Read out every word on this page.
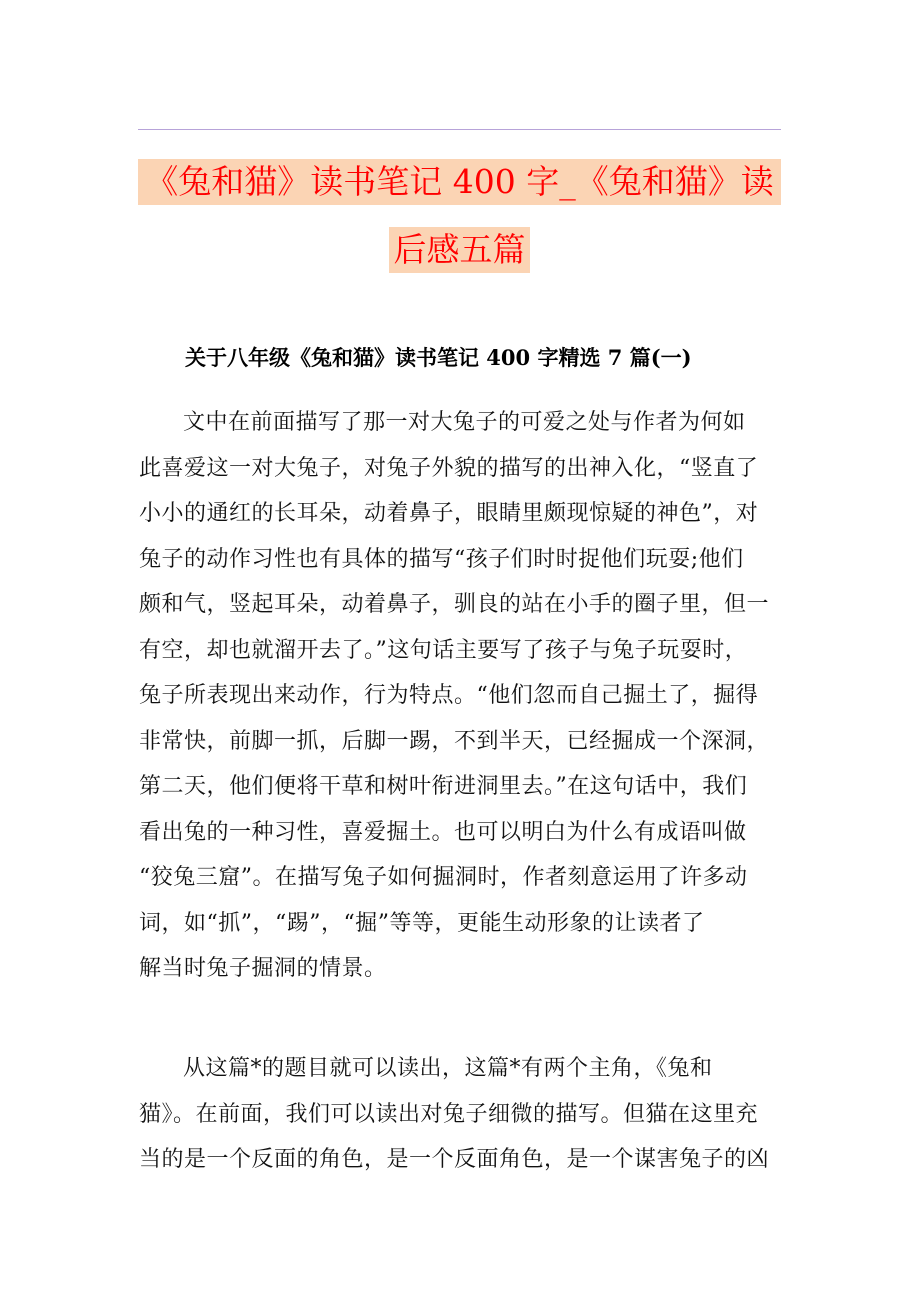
《兔和猫》读书笔记 400 字_《兔和猫》读
后感五篇
关于八年级《兔和猫》读书笔记 400 字精选 7 篇(一)
文中在前面描写了那一对大兔子的可爱之处与作者为何如
此喜爱这一对大兔子，对兔子外貌的描写的出神入化，“竖直了
小小的通红的长耳朵，动着鼻子，眼睛里颇现惊疑的神色”，对
兔子的动作习性也有具体的描写“孩子们时时捉他们玩耍;他们
颇和气，竖起耳朵，动着鼻子，驯良的站在小手的圈子里，但一
有空，却也就溜开去了。”这句话主要写了孩子与兔子玩耍时，
兔子所表现出来动作，行为特点。“他们忽而自己掘土了，掘得
非常快，前脚一抓，后脚一踢，不到半天，已经掘成一个深洞，
第二天，他们便将干草和树叶衔进洞里去。”在这句话中，我们
看出兔的一种习性，喜爱掘土。也可以明白为什么有成语叫做
“狡兔三窟”。在描写兔子如何掘洞时，作者刻意运用了许多动
词，如“抓”，“踢”，“掘”等等，更能生动形象的让读者了
解当时兔子掘洞的情景。
从这篇*的题目就可以读出，这篇*有两个主角，《兔和
猫》。在前面，我们可以读出对兔子细微的描写。但猫在这里充
当的是一个反面的角色，是一个反面角色，是一个谋害兔子的凶
